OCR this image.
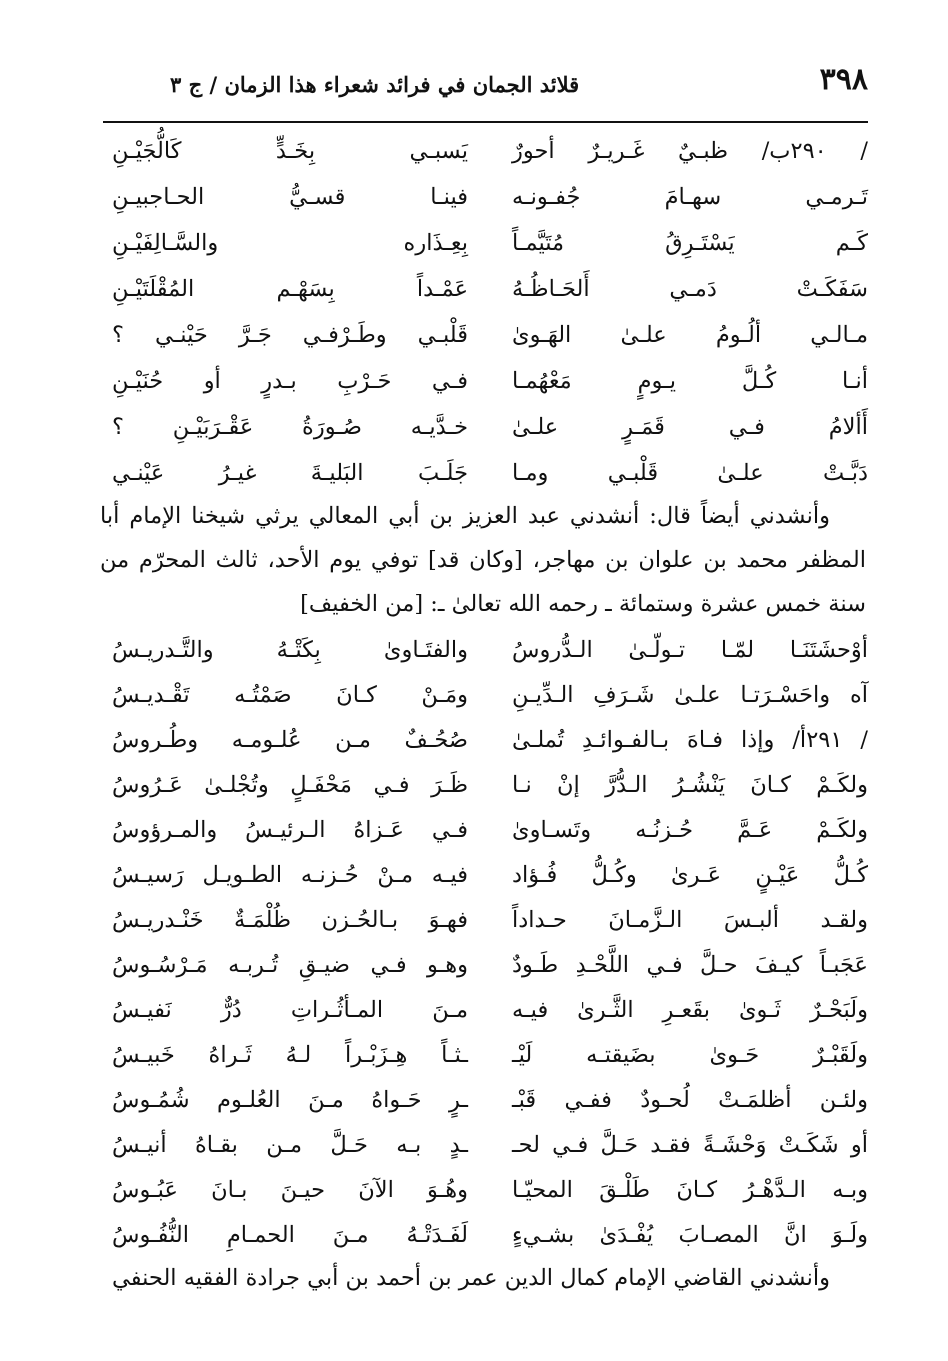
٣٩٨
قلائد الجمان في فرائد شعراء هذا الزمان / ج ٣
/ ٢٩٠ب/ ظبـيٌ غَـريـرٌ أحورٌ
يَسبـي بِخَـدٍّ كَالُّجَيْـنِ
تَـرمـي سهـامَ جُفـونـه
فينـا قسـيُّ الحـاجبيـنِ
كَـم يَسْتَـرِقُ مُتَيَّمـاً
بِعِـذَاره والسَّـالِفَيْـنِ
سَفَكَـتْ دَمـي أَلحَـاظُـهُ
عَمْـداً بِسَهْـم المُقْلَتَيْـنِ
مـالـي ألُـومُ علـىٰ الهَـوىٰ
قَلْبـي وطَـرْفـي جَـرَّ حَيْنـي ؟
أنـا كُـلَّ يـومٍ مَعْهُمـا
فـي حَـرْبِ بـدرٍ أو حُنَيْـنِ
أَألامُ فـي قَمَـرٍ علـىٰ
خـدَّيـه صُـورَةُ عَقْـرَبَيْـنِ ؟
دَبَّـتْ علـىٰ قَلْبـي ومـا
جَلَـبَ البَليـةَ غيـرُ عَيْنـي
وأنشدني أيضاً قال: أنشدني عبد العزيز بن أبي المعالي يرثي شيخنا الإمام أبا المظفر محمد بن علوان بن مهاجر، [وكان قد] توفي يوم الأحد، ثالث المحرّم من سنة خمس عشرة وستمائة ـ رحمه الله تعالىٰ ـ: [من الخفيف]
أوْحشَتَنَـا لمّـا تـولّـىٰ الـدُّروسُ
والفتَـاوىٰ بِكَتْـهُ والتَّـدريـسُ
آه واحَسْـرَتـا علـىٰ شَـرَفِ الـدِّيـنِ
ومَـنْ كـانَ صَمْتُـه تَقْـديـسُ
/ ٢٩١أ/ وإذا فـاهَ بـالفـوائـدِ تُملـىٰ
صُحُـفٌ مـن عُلـومـه وطُـروسُ
ولكَـمْ كـانَ يَنْشُـرُ الـدُّرَّ إنْ نـا
ظَـرَ فـي مَحْفَـلٍ وتُجْلـىٰ عَـرُوسُ
ولكَـمْ عَـمَّ حُـزنُـه وتَسـاوىٰ
فـي عَـزاهُ الـرئيـسُ والمـرؤوسُ
كُـلُّ عَيْـنٍ عَـرىٰ وكُـلُّ فُـؤاد
فيـه مـنْ حُـزنـه الطـويـل رَسيـسُ
ولقـد ألبـسَ الـزَّمـانَ حـداداً
فهـوَ بـالحُـزن ظُلْمَـةٌ خَنْـدريـسُ
عَجَبـاً كيـفَ حـلَّ فـي اللَّحْـدِ طَـودٌ
وهـو فـي ضيـقِ تُـربـه مَـرْسُـوسُ
ولَبَحْـرٌ ثَـوىٰ بقَعـرِ الثَّـرىٰ فيـه
مـنَ المـأثُـراتِ دُرٌّ نَفيـسُ
ولَقَبْـرٌ حَـوىٰ بضَيقتـه لَيْـ
ـثـاً هِـزَبْـراً لـهُ ثَـراهُ خَبيـسُ
ولئـن أظلمَـتْ لُحـودٌ ففـي قَبْـ
ـرٍ حَـواهُ مـنَ العُلـوم شُمُـوسُ
أو شَكَـتْ وَحْشَـةً فقـد حَـلَّ فـي لحـ
ـدٍ بـه حَـلَّ مـن بقـاهُ أنيـسُ
وبـه الـدَّهْـرُ كـانَ طَلْـقَ المحيّـا
وهُـوَ الآنَ حيـنَ بـانَ عَبُـوسُ
ولَـوَ انَّ المصـابَ يُفْـدَىٰ بشـيءٍ
لَفَـدَتْـهُ مـنَ الحمـامِ النُّفُـوسُ
وأنشدني القاضي الإمام كمال الدين عمر بن أحمد بن أبي جرادة الفقيه الحنفي
